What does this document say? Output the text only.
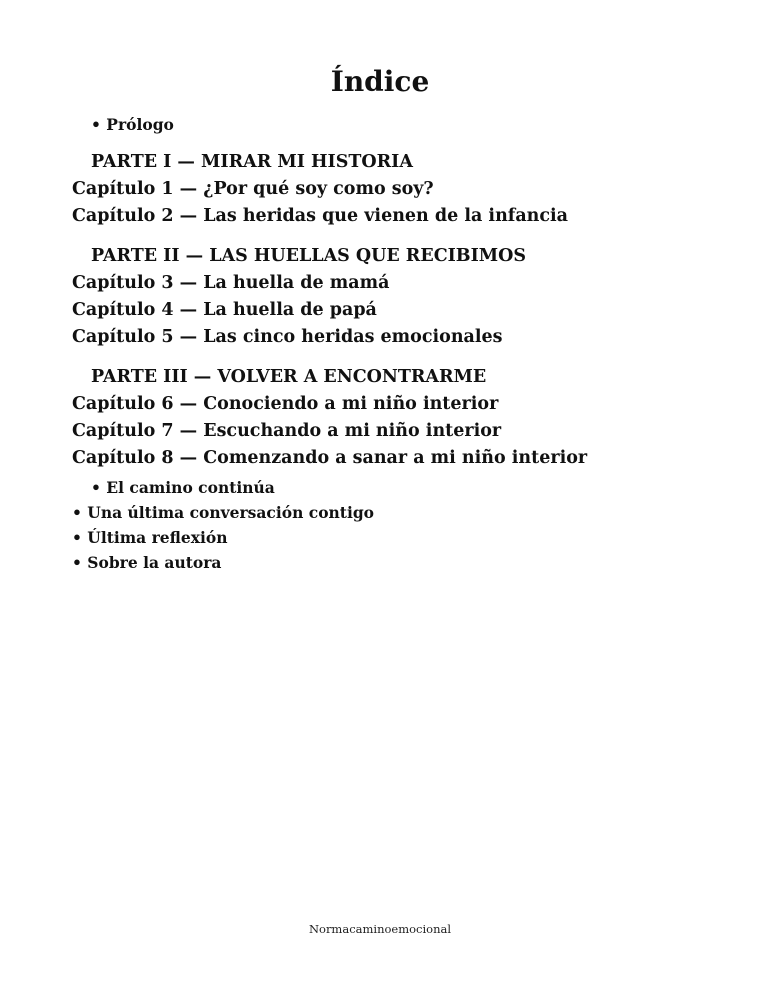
Índice
• Prólogo
PARTE I — MIRAR MI HISTORIA
Capítulo 1 — ¿Por qué soy como soy?
Capítulo 2 — Las heridas que vienen de la infancia
PARTE II — LAS HUELLAS QUE RECIBIMOS
Capítulo 3 — La huella de mamá
Capítulo 4 — La huella de papá
Capítulo 5 — Las cinco heridas emocionales
PARTE III — VOLVER A ENCONTRARME
Capítulo 6 — Conociendo a mi niño interior
Capítulo 7 — Escuchando a mi niño interior
Capítulo 8 — Comenzando a sanar a mi niño interior
• El camino continúa
• Una última conversación contigo
• Última reflexión
• Sobre la autora
Normacaminoemocional
